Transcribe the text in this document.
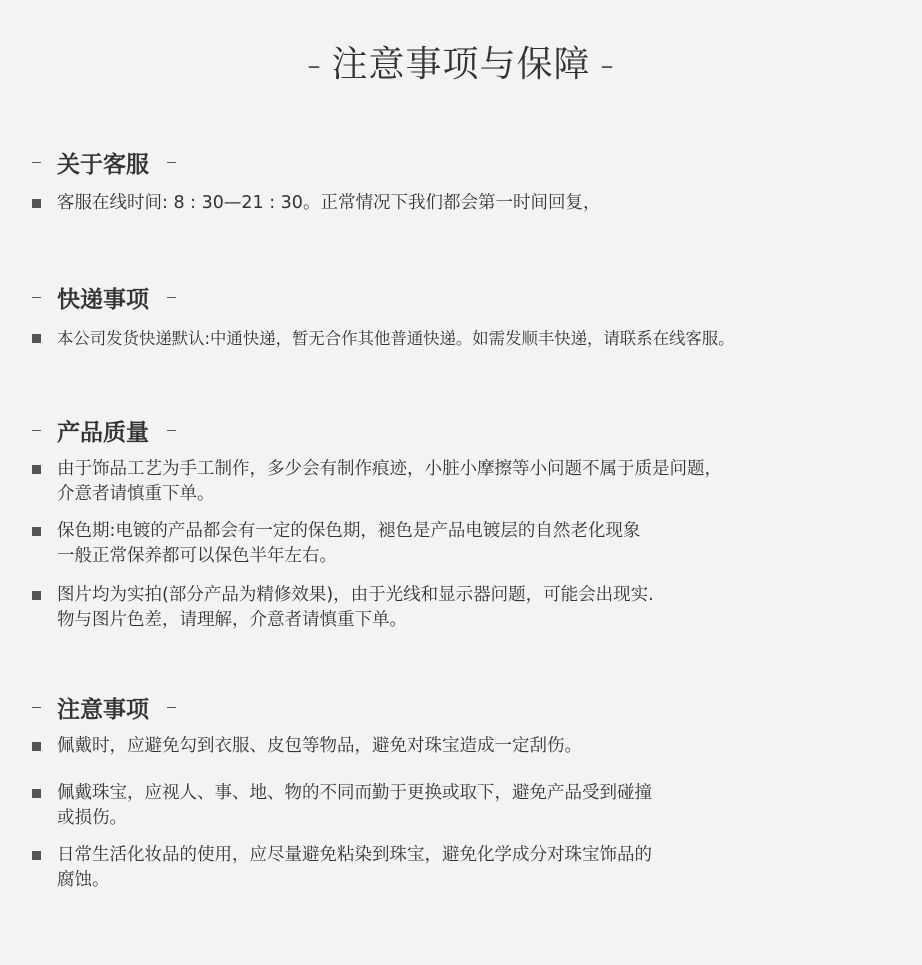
– 注意事项与保障 –
关于客服
客服在线时间: 8 : 30—21 : 30。正常情况下我们都会第一时间回复，
快递事项
本公司发货快递默认:中通快递，暂无合作其他普通快递。如需发顺丰快递，请联系在线客服。
产品质量
由于饰品工艺为手工制作，多少会有制作痕迹，小脏小摩擦等小问题不属于质是问题，
介意者请慎重下单。
保色期:电镀的产品都会有一定的保色期，褪色是产品电镀层的自然老化现象
一般正常保养都可以保色半年左右。
图片均为实拍(部分产品为精修效果)，由于光线和显示器问题，可能会出现实.
物与图片色差，请理解，介意者请慎重下单。
注意事项
佩戴时，应避免勾到衣服、皮包等物品，避免对珠宝造成一定刮伤。
佩戴珠宝，应视人、事、地、物的不同而勤于更换或取下，避免产品受到碰撞
或损伤。
日常生活化妆品的使用，应尽量避免粘染到珠宝，避免化学成分对珠宝饰品的
腐蚀。
